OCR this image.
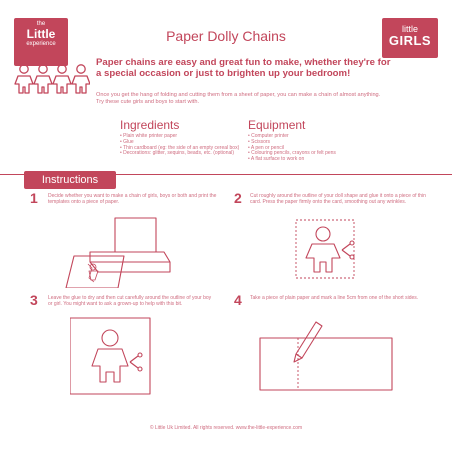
the
Little
experience
little
GIRLS
Paper Dolly Chains
Paper chains are easy and great fun to make, whether they're for a special occasion or just to brighten up your bedroom!
Once you get the hang of folding and cutting them from a sheet of paper, you can make a chain of almost anything. Try these cute girls and boys to start with.
Ingredients
• Plain white printer paper
• Glue
• Thin cardboard (eg: the side of an empty cereal box)
• Decorations: glitter, sequins, beads, etc. (optional)
Equipment
• Computer printer
• Scissors
• A pen or pencil
• Colouring pencils, crayons or felt pens
• A flat surface to work on
Instructions
1 Decide whether you want to make a chain of girls, boys or both and print the templates onto a piece of paper.	2 Cut roughly around the outline of your doll shape and glue it onto a piece of thin card. Press the paper firmly onto the card, smoothing out any wrinkles.
3 Leave the glue to dry and then cut carefully around the outline of your boy or girl. You might want to ask a grown-up to help with this bit.	4 Take a piece of plain paper and mark a line 5cm from one of the short sides.
© Little Uk Limited. All rights reserved. www.the-little-experience.com
